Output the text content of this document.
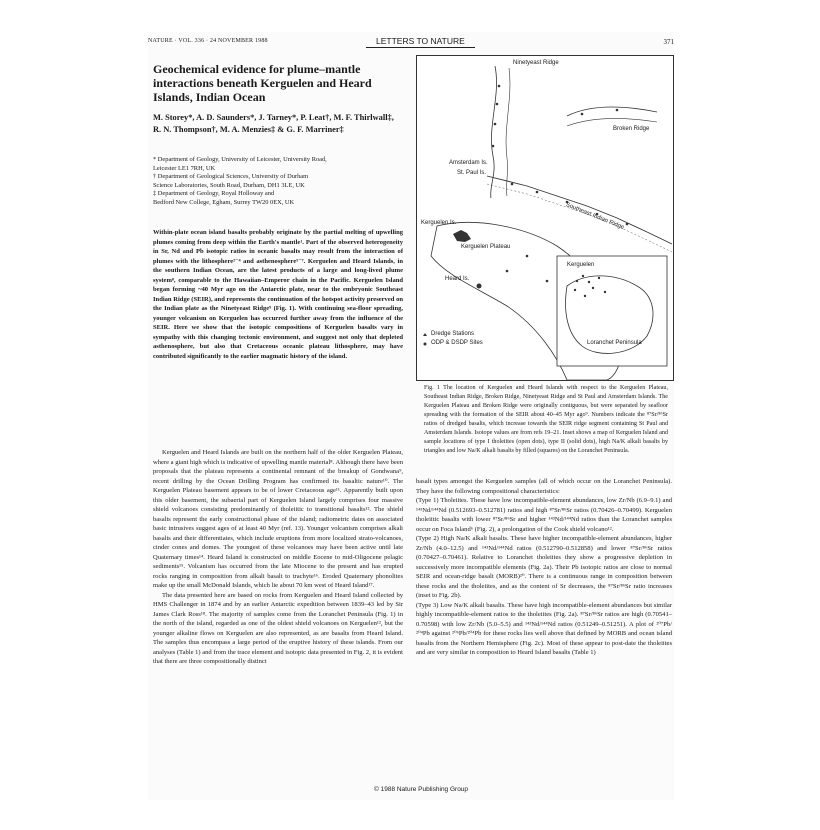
NATURE · VOL. 336 · 24 NOVEMBER 1988	LETTERS TO NATURE	371
Geochemical evidence for plume–mantle interactions beneath Kerguelen and Heard Islands, Indian Ocean
M. Storey*, A. D. Saunders*, J. Tarney*, P. Leat†, M. F. Thirlwall‡, R. N. Thompson†, M. A. Menzies‡ & G. F. Marriner‡
* Department of Geology, University of Leicester, University Road,
Leicester LE1 7RH, UK
† Department of Geological Sciences, University of Durham
Science Laboratories, South Road, Durham, DH1 3LE, UK
‡ Department of Geology, Royal Holloway and
Bedford New College, Egham, Surrey TW20 0EX, UK
Within-plate ocean island basalts probably originate by the partial melting of upwelling plumes coming from deep within the Earth's mantle¹. Part of the observed heterogeneity in Sr, Nd and Pb isotopic ratios in oceanic basalts may result from the interaction of plumes with the lithosphere²⁻⁴ and asthenosphere⁵⁻⁷. Kerguelen and Heard Islands, in the southern Indian Ocean, are the latest products of a large and long-lived plume system⁸, comparable to the Hawaiian–Emperor chain in the Pacific. Kerguelen Island began forming ~40 Myr ago on the Antarctic plate, near to the embryonic Southeast Indian Ridge (SEIR), and represents the continuation of the hotspot activity preserved on the Indian plate as the Ninetyeast Ridge⁹ (Fig. 1). With continuing sea-floor spreading, younger volcanism on Kerguelen has occurred further away from the influence of the SEIR. Here we show that the isotopic compositions of Kerguelen basalts vary in sympathy with this changing tectonic environment, and suggest not only that depleted asthenosphere, but also that Cretaceous oceanic plateau lithosphere, may have contributed significantly to the earlier magmatic history of the island.

Kerguelen and Heard Islands are built on the northern half of the older Kerguelen Plateau, where a giant high which is indicative of upwelling mantle material⁸. Although there have been proposals that the plateau represents a continental remnant of the breakup of Gondwana⁹, recent drilling by the Ocean Drilling Program has confirmed its basaltic nature¹⁰. The Kerguelen Plateau basement appears to be of lower Cretaceous age¹¹. Apparently built upon this older basement, the subaerial part of Kerguelen Island largely comprises four massive shield volcanoes consisting predominantly of tholeiitic to transitional basalts¹². The shield basalts represent the early constructional phase of the island; radiometric dates on associated basic intrusives suggest ages of at least 40 Myr (ref. 13). Younger volcanism comprises alkali basalts and their differentiates, which include eruptions from more localized strato-volcanoes, cinder cones and domes. The youngest of these volcanoes may have been active until late Quaternary times¹⁴. Heard Island is constructed on middle Eocene to mid-Oligocene pelagic sediments¹⁵. Volcanism has occurred from the late Miocene to the present and has erupted rocks ranging in composition from alkali basalt to trachyte¹⁶. Eroded Quaternary phonolites make up the small McDonald Islands, which lie about 70 km west of Heard Island¹⁷.

The data presented here are based on rocks from Kerguelen and Heard Island collected by HMS Challenger in 1874 and by an earlier Antarctic expedition between 1839–43 led by Sir James Clark Ross¹⁸. The majority of samples come from the Loranchet Peninsula (Fig. 1) in the north of the island, regarded as one of the oldest shield volcanoes on Kerguelen¹², but the younger alkaline flows on Kerguelen are also represented, as are basalts from Heard Island. The samples thus encompass a large period of the eruptive history of these islands. From our analyses (Table 1) and from the trace element and isotopic data presented in Fig. 2, it is evident that there are three compositionally distinct

Ninetyeast Ridge
Broken Ridge
Amsterdam Is.
St. Paul Is.
Southeast Indian Ridge
Kerguelen Is.
Kerguelen Plateau
Heard Is.
Kerguelen
Loranchet Peninsula
Dredge Stations
ODP & DSDP Sites
Fig. 1 The location of Kerguelen and Heard Islands with respect to the Kerguelen Plateau, Southeast Indian Ridge, Broken Ridge, Ninetyeast Ridge and St Paul and Amsterdam Islands. The Kerguelen Plateau and Broken Ridge were originally contiguous, but were separated by seafloor spreading with the formation of the SEIR about 40–45 Myr ago⁹. Numbers indicate the ⁸⁷Sr/⁸⁶Sr ratios of dredged basalts, which increase towards the SEIR ridge segment containing St Paul and Amsterdam Islands. Isotope values are from refs 19–21. Inset shows a map of Kerguelen Island and sample locations of type I tholeiites (open dots), type II (solid dots), high Na/K alkali basalts by triangles and low Na/K alkali basalts by filled (squares) on the Loranchet Peninsula.

basalt types amongst the Kerguelen samples (all of which occur on the Loranchet Peninsula). They have the following compositional characteristics:

(Type 1) Tholeiites. These have low incompatible-element abundances, low Zr/Nb (6.9–9.1) and ¹⁴³Nd/¹⁴⁴Nd (0.512693–0.512781) ratios and high ⁸⁷Sr/⁸⁶Sr ratios (0.70426–0.70499). Kerguelen tholeiitic basalts with lower ⁸⁷Sr/⁸⁶Sr and higher ¹⁴³Nd/¹⁴⁴Nd ratios than the Loranchet samples occur on Foca Island⁶ (Fig. 2), a prolongation of the Cook shield volcano¹².

(Type 2) High Na/K alkali basalts. These have higher incompatible-element abundances, higher Zr/Nb (4.0–12.5) and ¹⁴³Nd/¹⁴⁴Nd ratios (0.512790–0.512858) and lower ⁸⁷Sr/⁸⁶Sr ratios (0.70427–0.70461). Relative to Loranchet tholeiites they show a progressive depletion in successively more incompatible elements (Fig. 2a). Their Pb isotopic ratios are close to normal SEIR and ocean-ridge basalt (MORB)²⁰. There is a continuous range in composition between these rocks and the tholeiites, and as the content of Sr decreases, the ⁸⁷Sr/⁸⁶Sr ratio increases (inset to Fig. 2b).

(Type 3) Low Na/K alkali basalts. These have high incompatible-element abundances but similar highly incompatible-element ratios to the tholeiites (Fig. 2a). ⁸⁷Sr/⁸⁶Sr ratios are high (0.70541–0.70598) with low Zr/Nb (5.0–5.5) and ¹⁴³Nd/¹⁴⁴Nd ratios (0.51249–0.51251). A plot of ²⁰⁷Pb/²⁰⁴Pb against ²⁰⁶Pb/²⁰⁴Pb for these rocks lies well above that defined by MORB and ocean island basalts from the Northern Hemisphere (Fig. 2c). Most of these appear to post-date the tholeiites and are very similar in composition to Heard Island basalts (Table 1)

© 1988 Nature Publishing Group
